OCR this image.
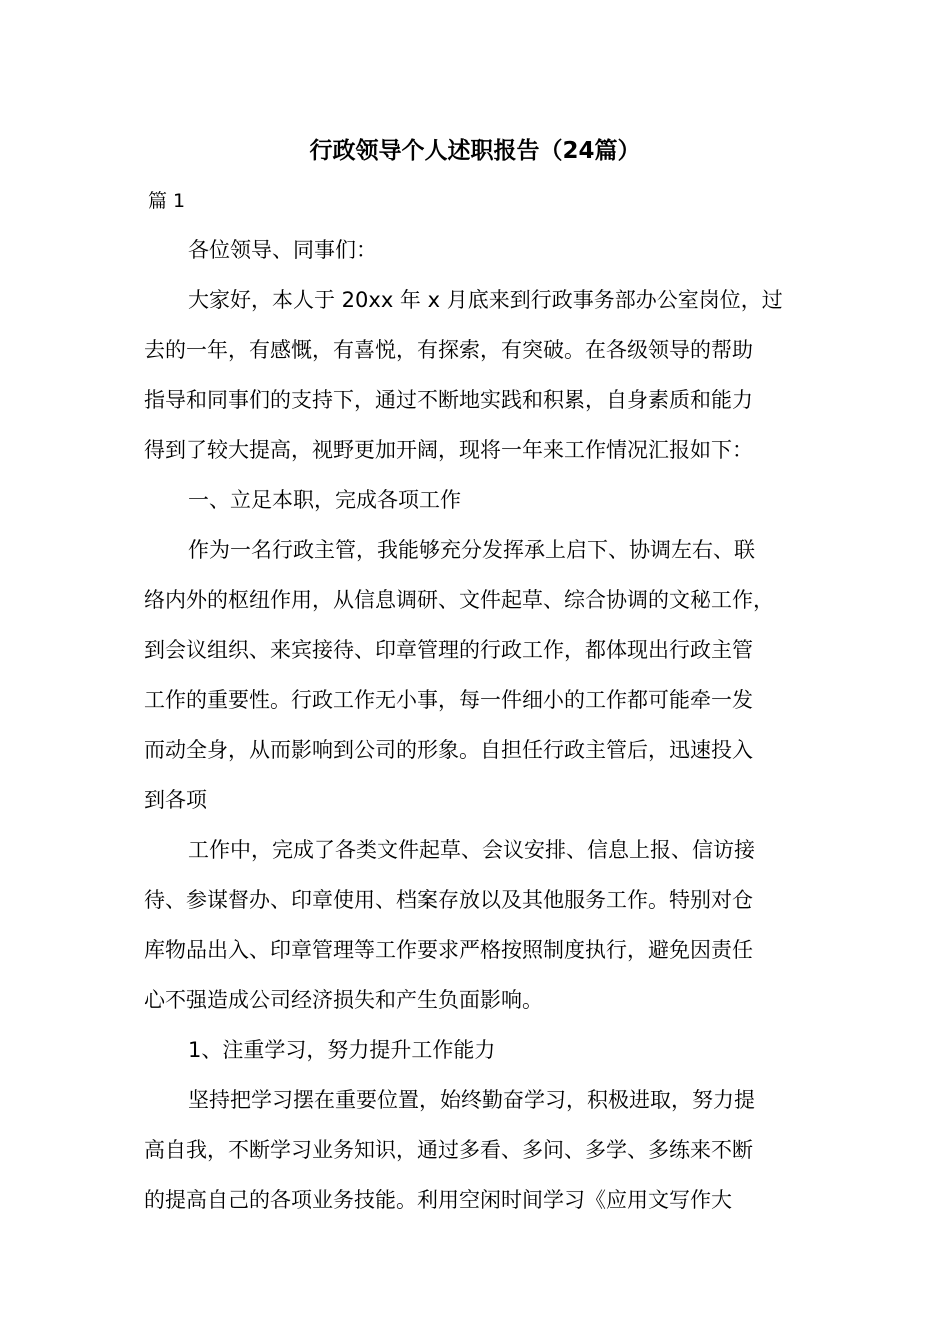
行政领导个人述职报告（24篇）
篇 1

各位领导、同事们：

大家好，本人于 20xx 年 x 月底来到行政事务部办公室岗位，过

去的一年，有感慨，有喜悦，有探索，有突破。在各级领导的帮助

指导和同事们的支持下，通过不断地实践和积累，自身素质和能力

得到了较大提高，视野更加开阔，现将一年来工作情况汇报如下：

一、立足本职，完成各项工作

作为一名行政主管，我能够充分发挥承上启下、协调左右、联

络内外的枢纽作用，从信息调研、文件起草、综合协调的文秘工作，

到会议组织、来宾接待、印章管理的行政工作，都体现出行政主管

工作的重要性。行政工作无小事，每一件细小的工作都可能牵一发

而动全身，从而影响到公司的形象。自担任行政主管后，迅速投入

到各项

工作中，完成了各类文件起草、会议安排、信息上报、信访接

待、参谋督办、印章使用、档案存放以及其他服务工作。特别对仓

库物品出入、印章管理等工作要求严格按照制度执行，避免因责任

心不强造成公司经济损失和产生负面影响。

1、注重学习，努力提升工作能力

坚持把学习摆在重要位置，始终勤奋学习，积极进取，努力提

高自我，不断学习业务知识，通过多看、多问、多学、多练来不断

的提高自己的各项业务技能。利用空闲时间学习《应用文写作大
